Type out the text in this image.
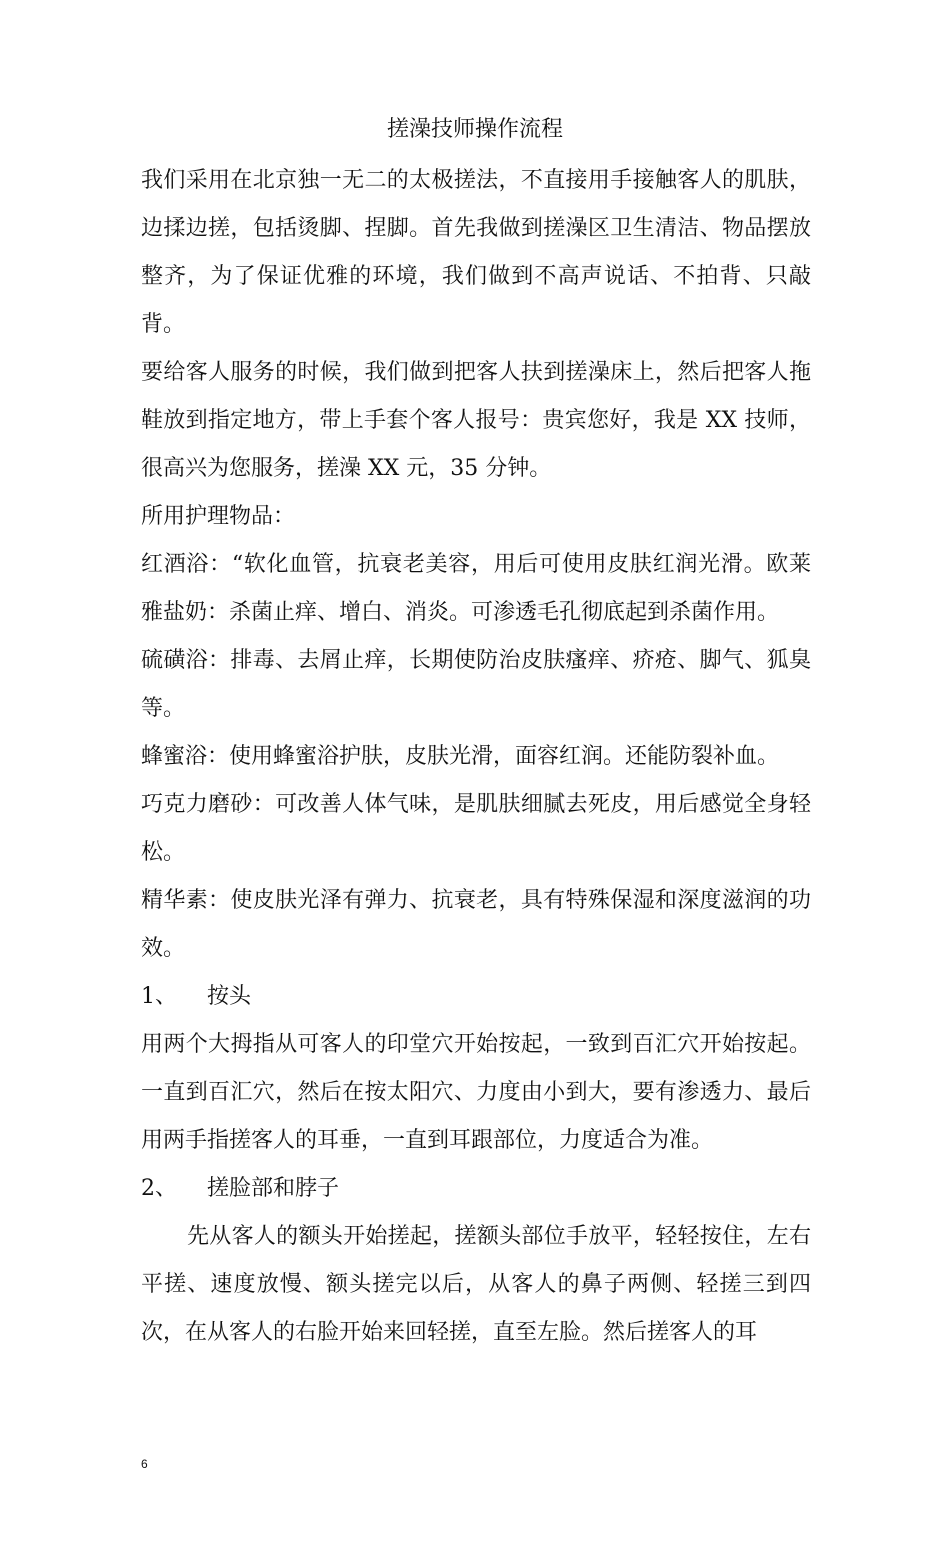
搓澡技师操作流程

我们采用在北京独一无二的太极搓法，不直接用手接触客人的肌肤，边揉边搓，包括烫脚、捏脚。首先我做到搓澡区卫生清洁、物品摆放整齐，为了保证优雅的环境，我们做到不高声说话、不拍背、只敲背。

要给客人服务的时候，我们做到把客人扶到搓澡床上，然后把客人拖鞋放到指定地方，带上手套个客人报号：贵宾您好，我是 XX 技师，很高兴为您服务，搓澡 XX 元，35 分钟。

所用护理物品：

红酒浴：“软化血管，抗衰老美容，用后可使用皮肤红润光滑。欧莱雅盐奶：杀菌止痒、增白、消炎。可渗透毛孔彻底起到杀菌作用。

硫磺浴：排毒、去屑止痒，长期使防治皮肤瘙痒、疥疮、脚气、狐臭等。

蜂蜜浴：使用蜂蜜浴护肤，皮肤光滑，面容红润。还能防裂补血。

巧克力磨砂：可改善人体气味，是肌肤细腻去死皮，用后感觉全身轻松。

精华素：使皮肤光泽有弹力、抗衰老，具有特殊保湿和深度滋润的功效。

1、	按头

用两个大拇指从可客人的印堂穴开始按起，一致到百汇穴开始按起。一直到百汇穴，然后在按太阳穴、力度由小到大，要有渗透力、最后用两手指搓客人的耳垂，一直到耳跟部位，力度适合为准。

2、	搓脸部和脖子

先从客人的额头开始搓起，搓额头部位手放平，轻轻按住，左右平搓、速度放慢、额头搓完以后，从客人的鼻子两侧、轻搓三到四次，在从客人的右脸开始来回轻搓，直至左脸。然后搓客人的耳

6
